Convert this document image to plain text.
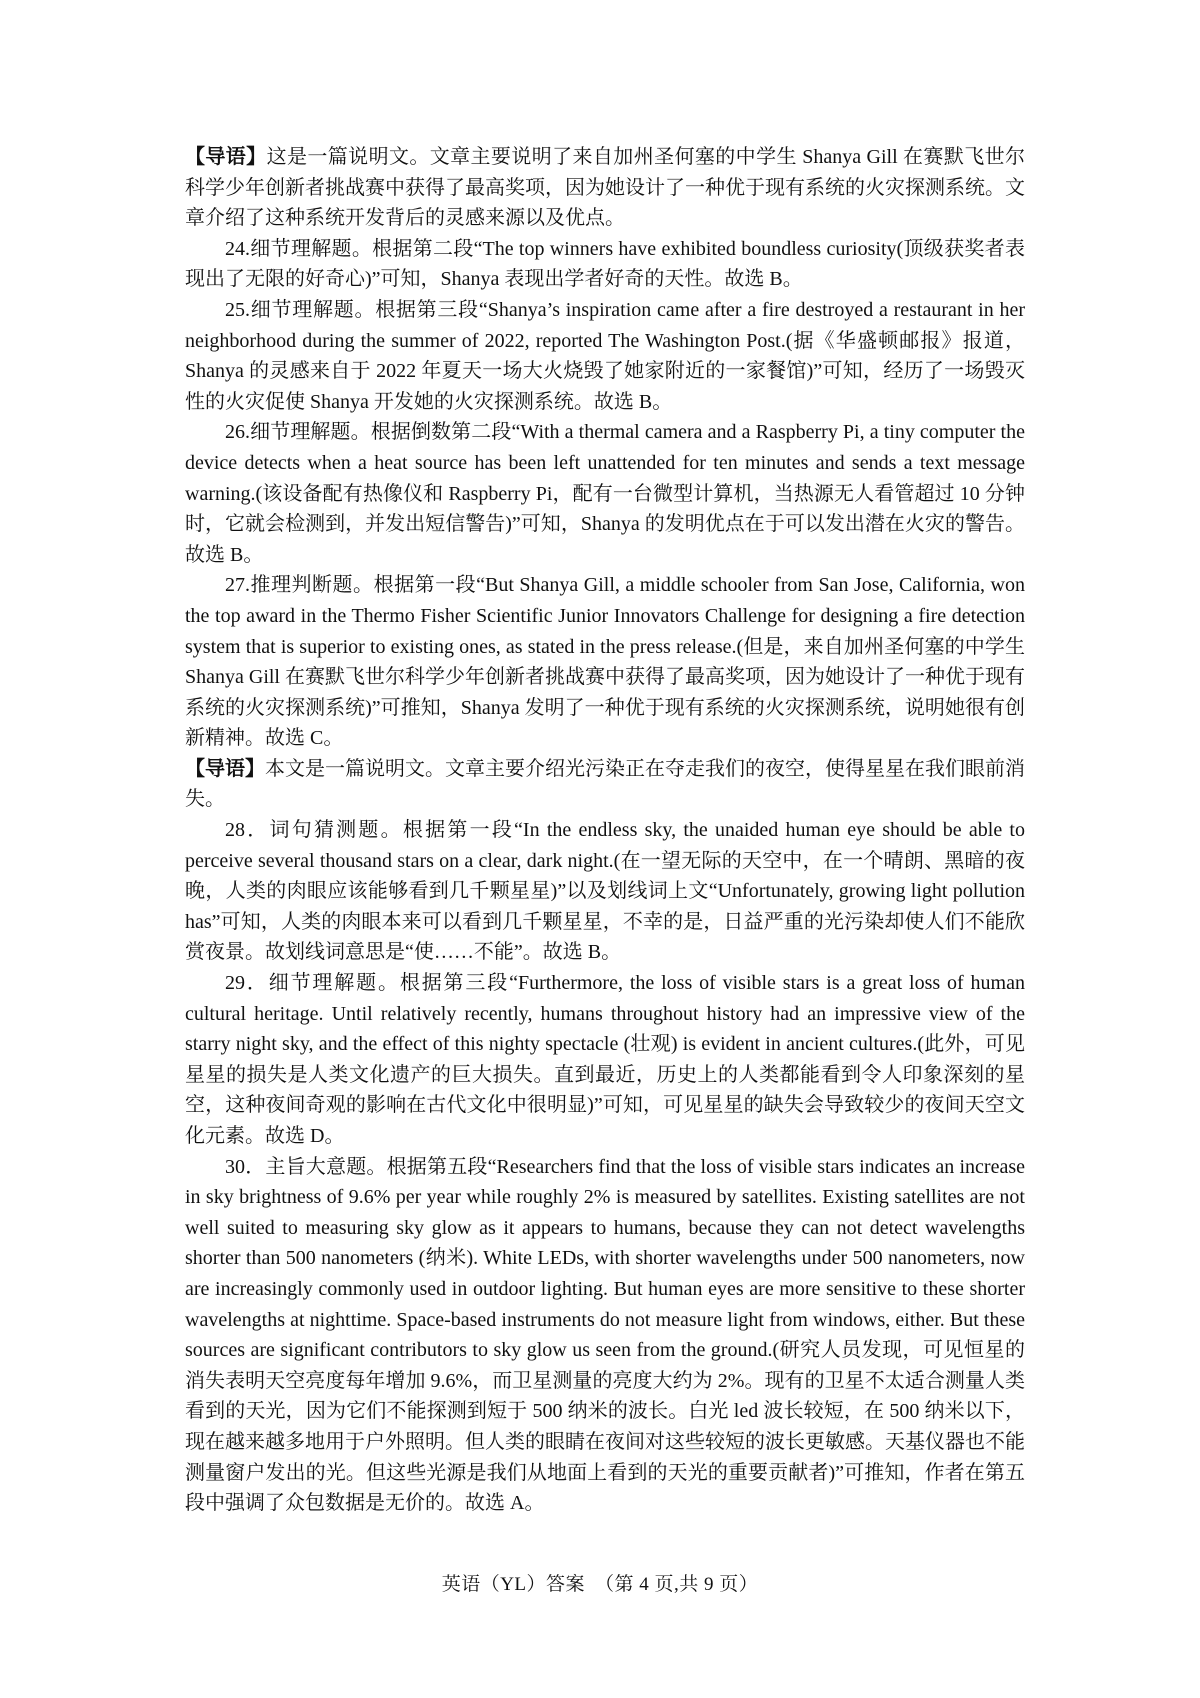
【导语】这是一篇说明文。文章主要说明了来自加州圣何塞的中学生 Shanya Gill 在赛默飞世尔科学少年创新者挑战赛中获得了最高奖项，因为她设计了一种优于现有系统的火灾探测系统。文章介绍了这种系统开发背后的灵感来源以及优点。

24.细节理解题。根据第二段“The top winners have exhibited boundless curiosity(顶级获奖者表现出了无限的好奇心)”可知，Shanya 表现出学者好奇的天性。故选 B。

25.细节理解题。根据第三段“Shanya’s inspiration came after a fire destroyed a restaurant in her neighborhood during the summer of 2022, reported The Washington Post.(据《华盛顿邮报》报道，Shanya 的灵感来自于 2022 年夏天一场大火烧毁了她家附近的一家餐馆)”可知，经历了一场毁灭性的火灾促使 Shanya 开发她的火灾探测系统。故选 B。

26.细节理解题。根据倒数第二段“With a thermal camera and a Raspberry Pi, a tiny computer the device detects when a heat source has been left unattended for ten minutes and sends a text message warning.(该设备配有热像仪和 Raspberry Pi，配有一台微型计算机，当热源无人看管超过 10 分钟时，它就会检测到，并发出短信警告)”可知，Shanya 的发明优点在于可以发出潜在火灾的警告。故选 B。

27.推理判断题。根据第一段“But Shanya Gill, a middle schooler from San Jose, California, won the top award in the Thermo Fisher Scientific Junior Innovators Challenge for designing a fire detection system that is superior to existing ones, as stated in the press release.(但是，来自加州圣何塞的中学生 Shanya Gill 在赛默飞世尔科学少年创新者挑战赛中获得了最高奖项，因为她设计了一种优于现有系统的火灾探测系统)”可推知，Shanya 发明了一种优于现有系统的火灾探测系统，说明她很有创新精神。故选 C。

【导语】本文是一篇说明文。文章主要介绍光污染正在夺走我们的夜空，使得星星在我们眼前消失。

28．词句猜测题。根据第一段“In the endless sky, the unaided human eye should be able to perceive several thousand stars on a clear, dark night.(在一望无际的天空中，在一个晴朗、黑暗的夜晚，人类的肉眼应该能够看到几千颗星星)”以及划线词上文“Unfortunately, growing light pollution has”可知，人类的肉眼本来可以看到几千颗星星，不幸的是，日益严重的光污染却使人们不能欣赏夜景。故划线词意思是“使……不能”。故选 B。

29．细节理解题。根据第三段“Furthermore, the loss of visible stars is a great loss of human cultural heritage. Until relatively recently, humans throughout history had an impressive view of the starry night sky, and the effect of this nighty spectacle (壮观) is evident in ancient cultures.(此外，可见星星的损失是人类文化遗产的巨大损失。直到最近，历史上的人类都能看到令人印象深刻的星空，这种夜间奇观的影响在古代文化中很明显)”可知，可见星星的缺失会导致较少的夜间天空文化元素。故选 D。

30．主旨大意题。根据第五段“Researchers find that the loss of visible stars indicates an increase in sky brightness of 9.6% per year while roughly 2% is measured by satellites. Existing satellites are not well suited to measuring sky glow as it appears to humans, because they can not detect wavelengths shorter than 500 nanometers (纳米). White LEDs, with shorter wavelengths under 500 nanometers, now are increasingly commonly used in outdoor lighting. But human eyes are more sensitive to these shorter wavelengths at nighttime. Space-based instruments do not measure light from windows, either. But these sources are significant contributors to sky glow us seen from the ground.(研究人员发现，可见恒星的消失表明天空亮度每年增加 9.6%，而卫星测量的亮度大约为 2%。现有的卫星不太适合测量人类看到的天光，因为它们不能探测到短于 500 纳米的波长。白光 led 波长较短，在 500 纳米以下，现在越来越多地用于户外照明。但人类的眼睛在夜间对这些较短的波长更敏感。天基仪器也不能测量窗户发出的光。但这些光源是我们从地面上看到的天光的重要贡献者)”可推知，作者在第五段中强调了众包数据是无价的。故选 A。

英语（YL）答案　（第 4 页,共 9 页）
